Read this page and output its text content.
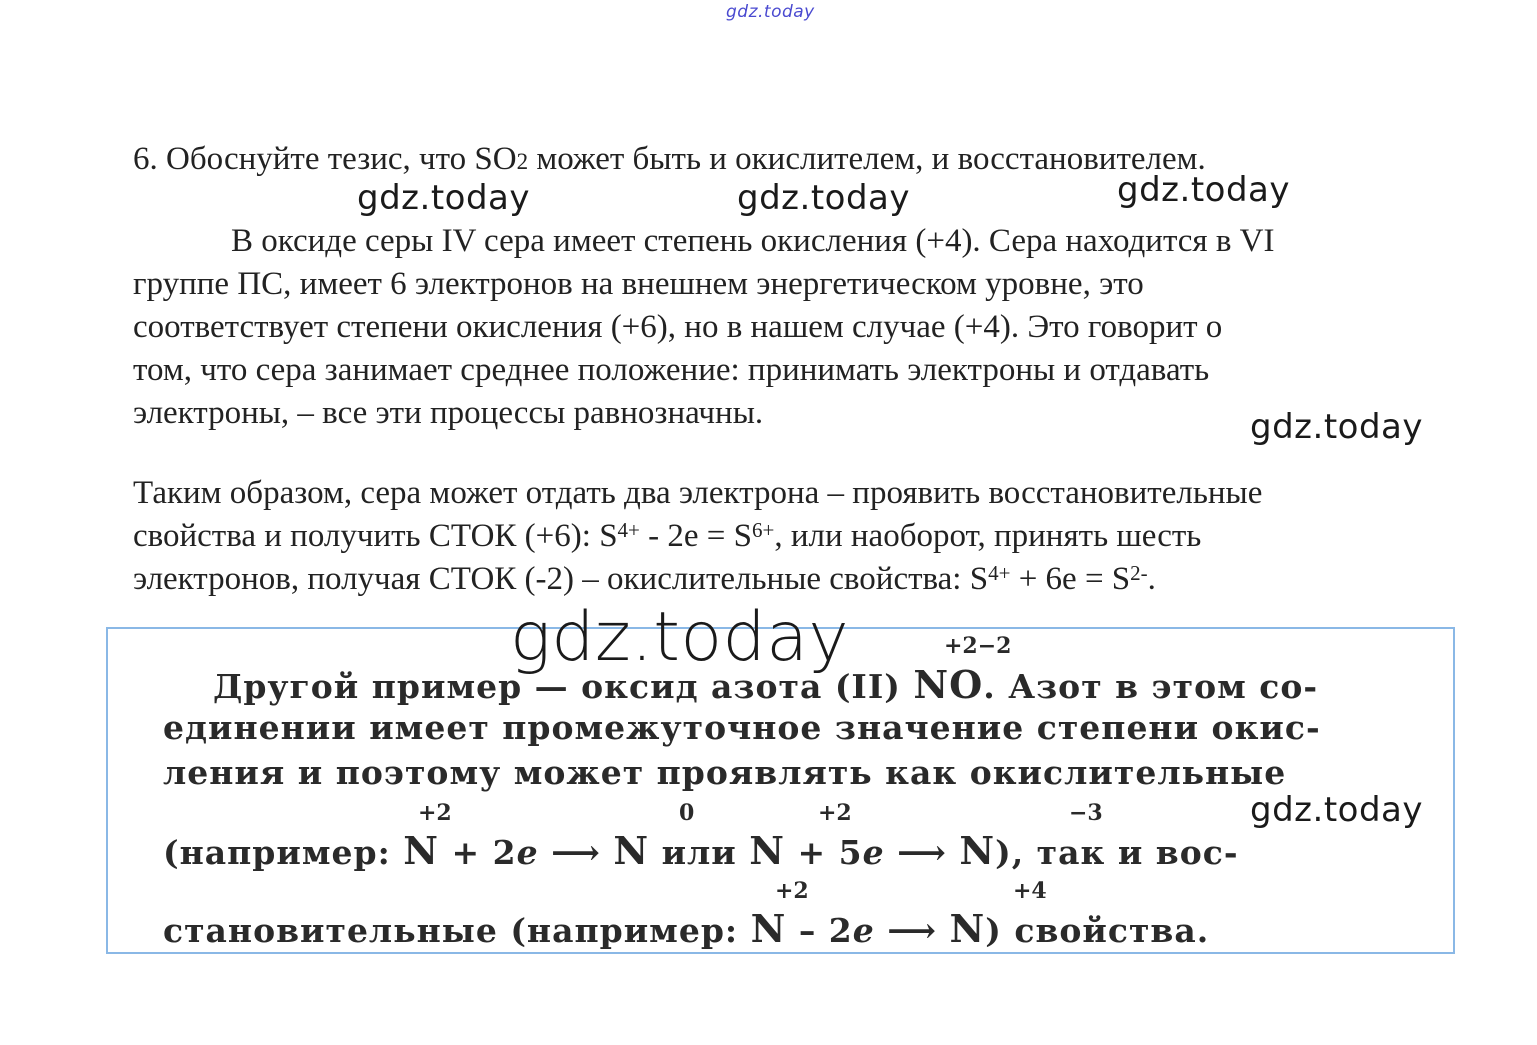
gdz.today
gdz.today	gdz.today	gdz.today
gdz.today
gdz.today

6. Обоснуйте тезис, что $SO_2$ может быть и окислителем, и восстановителем.

В оксиде серы IV сера имеет степень окисления (+4). Сера находится в VI

группе ПС, имеет 6 электронов на внешнем энергетическом уровне, это

соответствует степени окисления (+6), но в нашем случае (+4). Это говорит о

том, что сера занимает среднее положение: принимать электроны и отдавать

электроны, – все эти процессы равнозначны.

Таким образом, сера может отдать два электрона – проявить восстановительные

свойства и получить СТОК (+6): $S^{4+} - 2e = S^{6+}$, или наоборот, принять шесть

электронов, получая СТОК (-2) – окислительные свойства: $S^{4+} + 6e = S^{2-}$.

Другой пример — оксид азота (II) NO. Азот в этом со-
+2−2
единении имеет промежуточное значение степени окис-
ления и поэтому может проявлять как окислительные
(например: N + 2e ⟶ N или N + 5e ⟶ N), так и вос-
+2	0	+2	−3
становительные (например: N – 2e ⟶ N) свойства.
+2	+4
gdz.today
